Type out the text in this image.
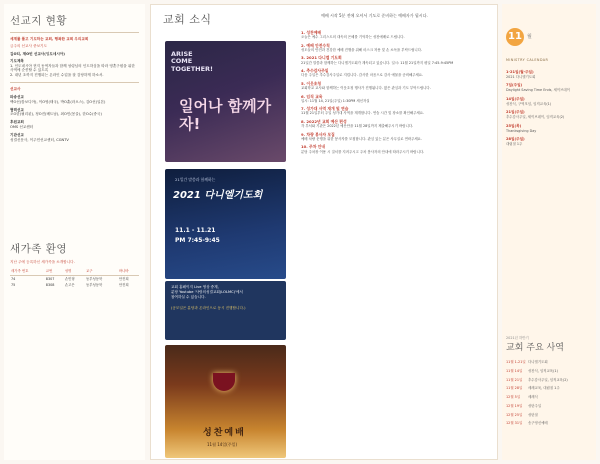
선교지 현황
세계를 품고 기도하는 교회, 행복한 교회 우리교회
금주의 선교사 중보기도
김O티, 제O빈 선교사(잉도네시아)
기도제목
1. 인도네시아 현지 동역자들과 함께 성령님의 인도하심을 따라 영혼구원을 위한 사역에 순종할 수 있도록
2. 내년 초까지 진행되는 온라인 수업을 잘 감당하게 하소서.
선교사
파송선교
백O선(캄보디아), 이O영(태국), 박O훈(라오스), 김O선(일본)
협력선교
오O한(필리핀), 정O진(베트남), 최O민(몽골), 한O수(중국)
후원교회
OMS 선교센터
기관선교
성결신문사, 이주민선교센터, CGNTV
새가족 환영
지난 주에 등록하신 새가족을 소개합니다.
새가족 번호	교번	성명	교구	바나바
74	8307	손민형	동부성동북	안진희
75	8308	손고은	동부성동북	안진희
교회 소식	예배 시작 5분 전에 오셔서 기도로 준비하는 예배자가 됩시다.
ARISE
COME
TOGETHER!
일어나 함께가자!
21일간 말씀과 함께하는
2021 다니엘기도회
11.1 - 11.21
PM 7:45-9:45
교회 홈페이지 Live 영상 중계,
분당 Youtube '사랑의성결교회(LOLMC)'에서
참여하실 수 있습니다.
(공모일은 분당과 온라인으로 동시 진행합니다.)
성찬예배
11월 14일(주일)
1. 성찬예배
오늘은 예수 그리스도의 대속의 은혜를 기억하는 성찬예배로 드립니다.
2. 예배 안전수칙
성도들의 안전과 건강한 예배 진행을 위해 마스크 착용 및 손 소독을 부탁드립니다.
3. 2021 다니엘 기도회
21일간 말씀과 함께하는 다니엘기도회가 계속되고 있습니다. 일시: 11월 21일까지 평일 7:45-9:45PM
4. 추수감사주일
다음 주일은 추수감사주일로 지킵니다. 감사한 마음으로 감사 예물을 준비해주세요.
5. 이웃초청
교회학교 교사와 함께하는 이웃초청 행사가 진행됩니다. 많은 관심과 기도 부탁드립니다.
6. 임직 교육
일시: 11월 14, 21일(주일) 1:30PM 새신자실
7. 성가대 사역 재개 및 연습
11월 21일부터 주일 성가대 사역을 재개합니다. 연습 시간 및 장소를 확인해주세요.
8. 2022년 교회 예산 편성
각 부서와 기관은 2022년 예산안을 11월 28일까지 제출해주시기 바랍니다.
9. 차량 봉사자 모집
예배 차량 운행을 위한 봉사자를 모집합니다. 관심 있는 분은 사무실로 연락주세요.
10. 주차 안내
분당 주차장 이용 시 질서를 지켜주시고 주차 봉사자의 안내에 따라주시기 바랍니다.
11	월
MINISTRY CALENDAR
1-21일(월-주일)
2021 다니엘기도회
7일(주일)
Daylight Saving Time Ends, 세이브데이
14일(주일)
성찬식, 구역모임, 임직교육(1)
21일(주일)
추수감사주일, 세이브데이, 임직교육(2)
25일(목)
Thanksgiving Day
28일(주일)
대림절 1주
2021년 하반기
교회 주요 사역
11월 1-21일 다니엘기도회
11월 14일	성찬식, 임직교육(1)
11월 21일	추수감사주일, 임직교육(2)
11월 28일	세례교육, 대림절 1주
12월 5일	세례식
12월 19일	성탄주일
12월 25일	성탄절
12월 31일	송구영신예배
